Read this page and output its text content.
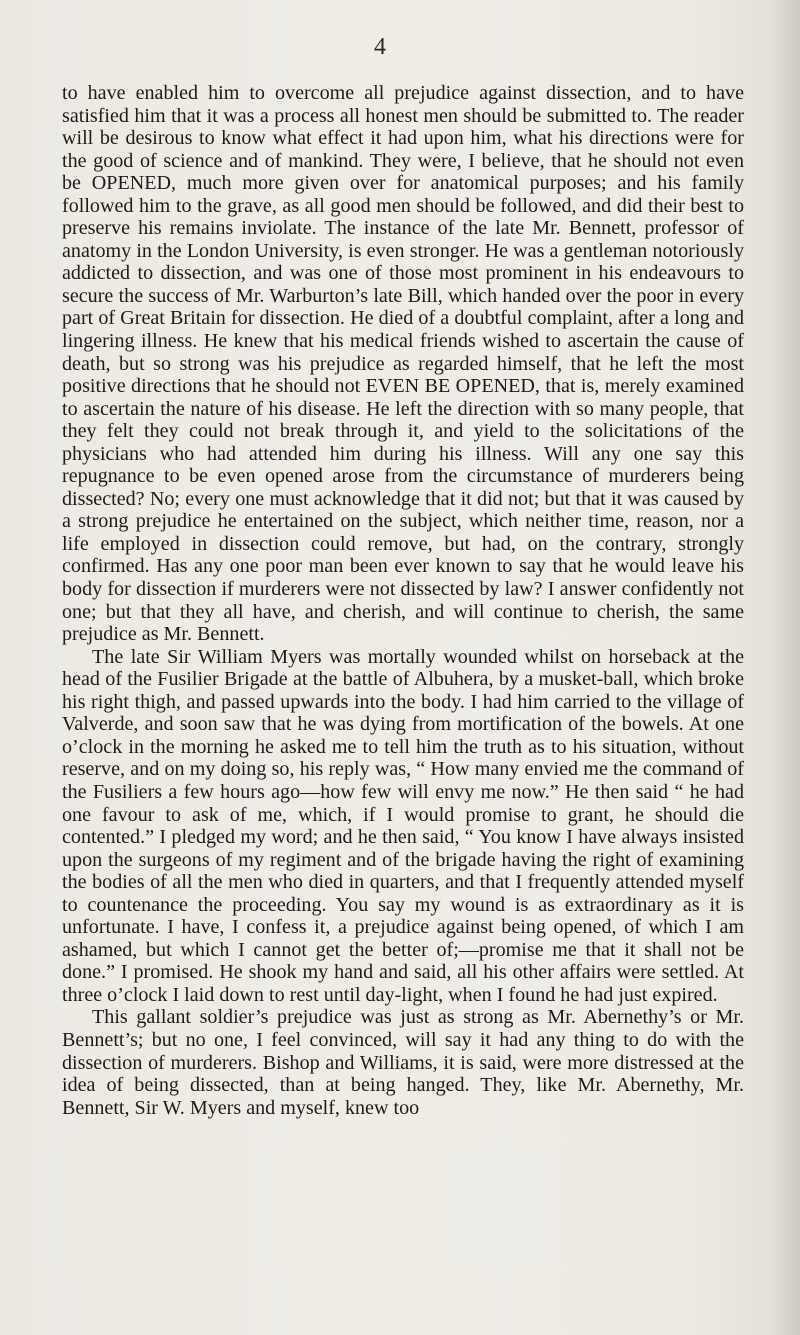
4

to have enabled him to overcome all prejudice against dissection, and to have satisfied him that it was a process all honest men should be submitted to. The reader will be desirous to know what effect it had upon him, what his directions were for the good of science and of mankind. They were, I believe, that he should not even be OPENED, much more given over for anatomical purposes; and his family followed him to the grave, as all good men should be followed, and did their best to preserve his remains inviolate. The instance of the late Mr. Bennett, professor of anatomy in the London University, is even stronger. He was a gentleman notoriously addicted to dissection, and was one of those most prominent in his endeavours to secure the success of Mr. Warburton’s late Bill, which handed over the poor in every part of Great Britain for dissection. He died of a doubtful complaint, after a long and lingering illness. He knew that his medical friends wished to ascertain the cause of death, but so strong was his prejudice as regarded himself, that he left the most positive directions that he should not EVEN BE OPENED, that is, merely examined to ascertain the nature of his disease. He left the direction with so many people, that they felt they could not break through it, and yield to the solicitations of the physicians who had attended him during his illness. Will any one say this repugnance to be even opened arose from the circumstance of murderers being dissected? No; every one must acknowledge that it did not; but that it was caused by a strong prejudice he entertained on the subject, which neither time, reason, nor a life employed in dissection could remove, but had, on the contrary, strongly confirmed. Has any one poor man been ever known to say that he would leave his body for dissection if murderers were not dissected by law? I answer confidently not one; but that they all have, and cherish, and will continue to cherish, the same prejudice as Mr. Bennett.

The late Sir William Myers was mortally wounded whilst on horseback at the head of the Fusilier Brigade at the battle of Albuhera, by a musket-ball, which broke his right thigh, and passed upwards into the body. I had him carried to the village of Valverde, and soon saw that he was dying from mortification of the bowels. At one o’clock in the morning he asked me to tell him the truth as to his situation, without reserve, and on my doing so, his reply was, “ How many envied me the command of the Fusiliers a few hours ago—how few will envy me now.” He then said “ he had one favour to ask of me, which, if I would promise to grant, he should die contented.” I pledged my word; and he then said, “ You know I have always insisted upon the surgeons of my regiment and of the brigade having the right of examining the bodies of all the men who died in quarters, and that I frequently attended myself to countenance the proceeding. You say my wound is as extraordinary as it is unfortunate. I have, I confess it, a prejudice against being opened, of which I am ashamed, but which I cannot get the better of;—promise me that it shall not be done.” I promised. He shook my hand and said, all his other affairs were settled. At three o’clock I laid down to rest until day-light, when I found he had just expired.

This gallant soldier’s prejudice was just as strong as Mr. Abernethy’s or Mr. Bennett’s; but no one, I feel convinced, will say it had any thing to do with the dissection of murderers. Bishop and Williams, it is said, were more distressed at the idea of being dissected, than at being hanged. They, like Mr. Abernethy, Mr. Bennett, Sir W. Myers and myself, knew too
